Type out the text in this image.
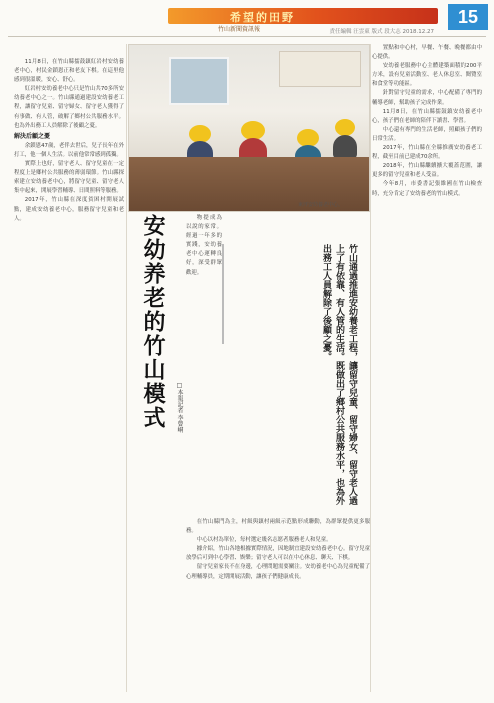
希望的田野
竹山新聞資訊報	責任編輯 汪雲東 版式 段大志 2018.12.27
15

11月8日，在竹山縣擂鼓鎮紅岩村安幼養老中心，村民金鎖恩正和老友下棋。在這里他感到很溫暖，安心、舒心。

紅岩村安幼養老中心只是竹山共70多所安幼養老中心之一。竹山縣通過建設安幼養老工程，讓留守兒童、留守婦女、留守老人獲得了有事做、有人管，破解了鄉村公共服務水平。也為外出務工人員解除了後顧之憂。

解決后顧之憂

余鎖恩47歲，老伴去世后，兒子長年在外打工，他一個人生活。以前他常常感到孤獨。

實際上也好，留守老人、留守兒童在一定程度上是鄉村公共服務的薄弱環節。竹山縣探索建立安幼養老中心，將留守兒童、留守老人集中起來，開展學習輔導、日間照料等服務。

2017年，竹山縣在深度貧困村開展試點，建成安幼養老中心，服務留守兒童和老人。

東坪安幼養老中心。
安幼养老的竹山模式	□本報記者 李曾峒

物提成為以說的家常。經過一年多的實踐，安幼養老中心運轉良好，深受群眾歡迎。	竹山通過推進安幼養老工程，讓留守兒童、留守婦女、留守老人過上了有依靠、有人管的生活。既做出了鄉村公共服務水平，也為外出務工人員解除了後顧之憂。

在竹山縣門為主，村級與鎮村兩級示范點形成聯動，為群眾提供更多服務。

中心以村為單位，每村選定幾名志愿者服務老人和兒童。

據介紹，竹山各地根據實際情況，因地制宜建設安幼養老中心。留守兒童放學后可到中心學習、娛樂；留守老人可以在中心休息、聊天、下棋。

留守兒童家長不在身邊，心理問題需要關注。安幼養老中心為兒童配備了心理輔導員，定期開展活動，讓孩子們健康成長。

置點和中心村，早餐、午餐、晚餐都由中心提供。

安幼養老服務中心主體建築面積約200平方米，設有兒童活動室、老人休息室、閱覽室和食堂等功能區。

針對留守兒童的需求，中心配備了專門的輔導老師，幫助孩子完成作業。

11月8日，在竹山縣擂鼓鎮安幼養老中心，孩子們在老師的陪伴下讀書、學習。

中心還有專門的生活老師，照顧孩子們的日常生活。

2017年，竹山縣在全縣推廣安幼養老工程，截至目前已建成70余所。

2018年，竹山縣繼續擴大覆蓋范圍，讓更多的留守兒童和老人受益。

今年8月，市委書記張維國在竹山檢查時，充分肯定了安幼養老的竹山模式。
